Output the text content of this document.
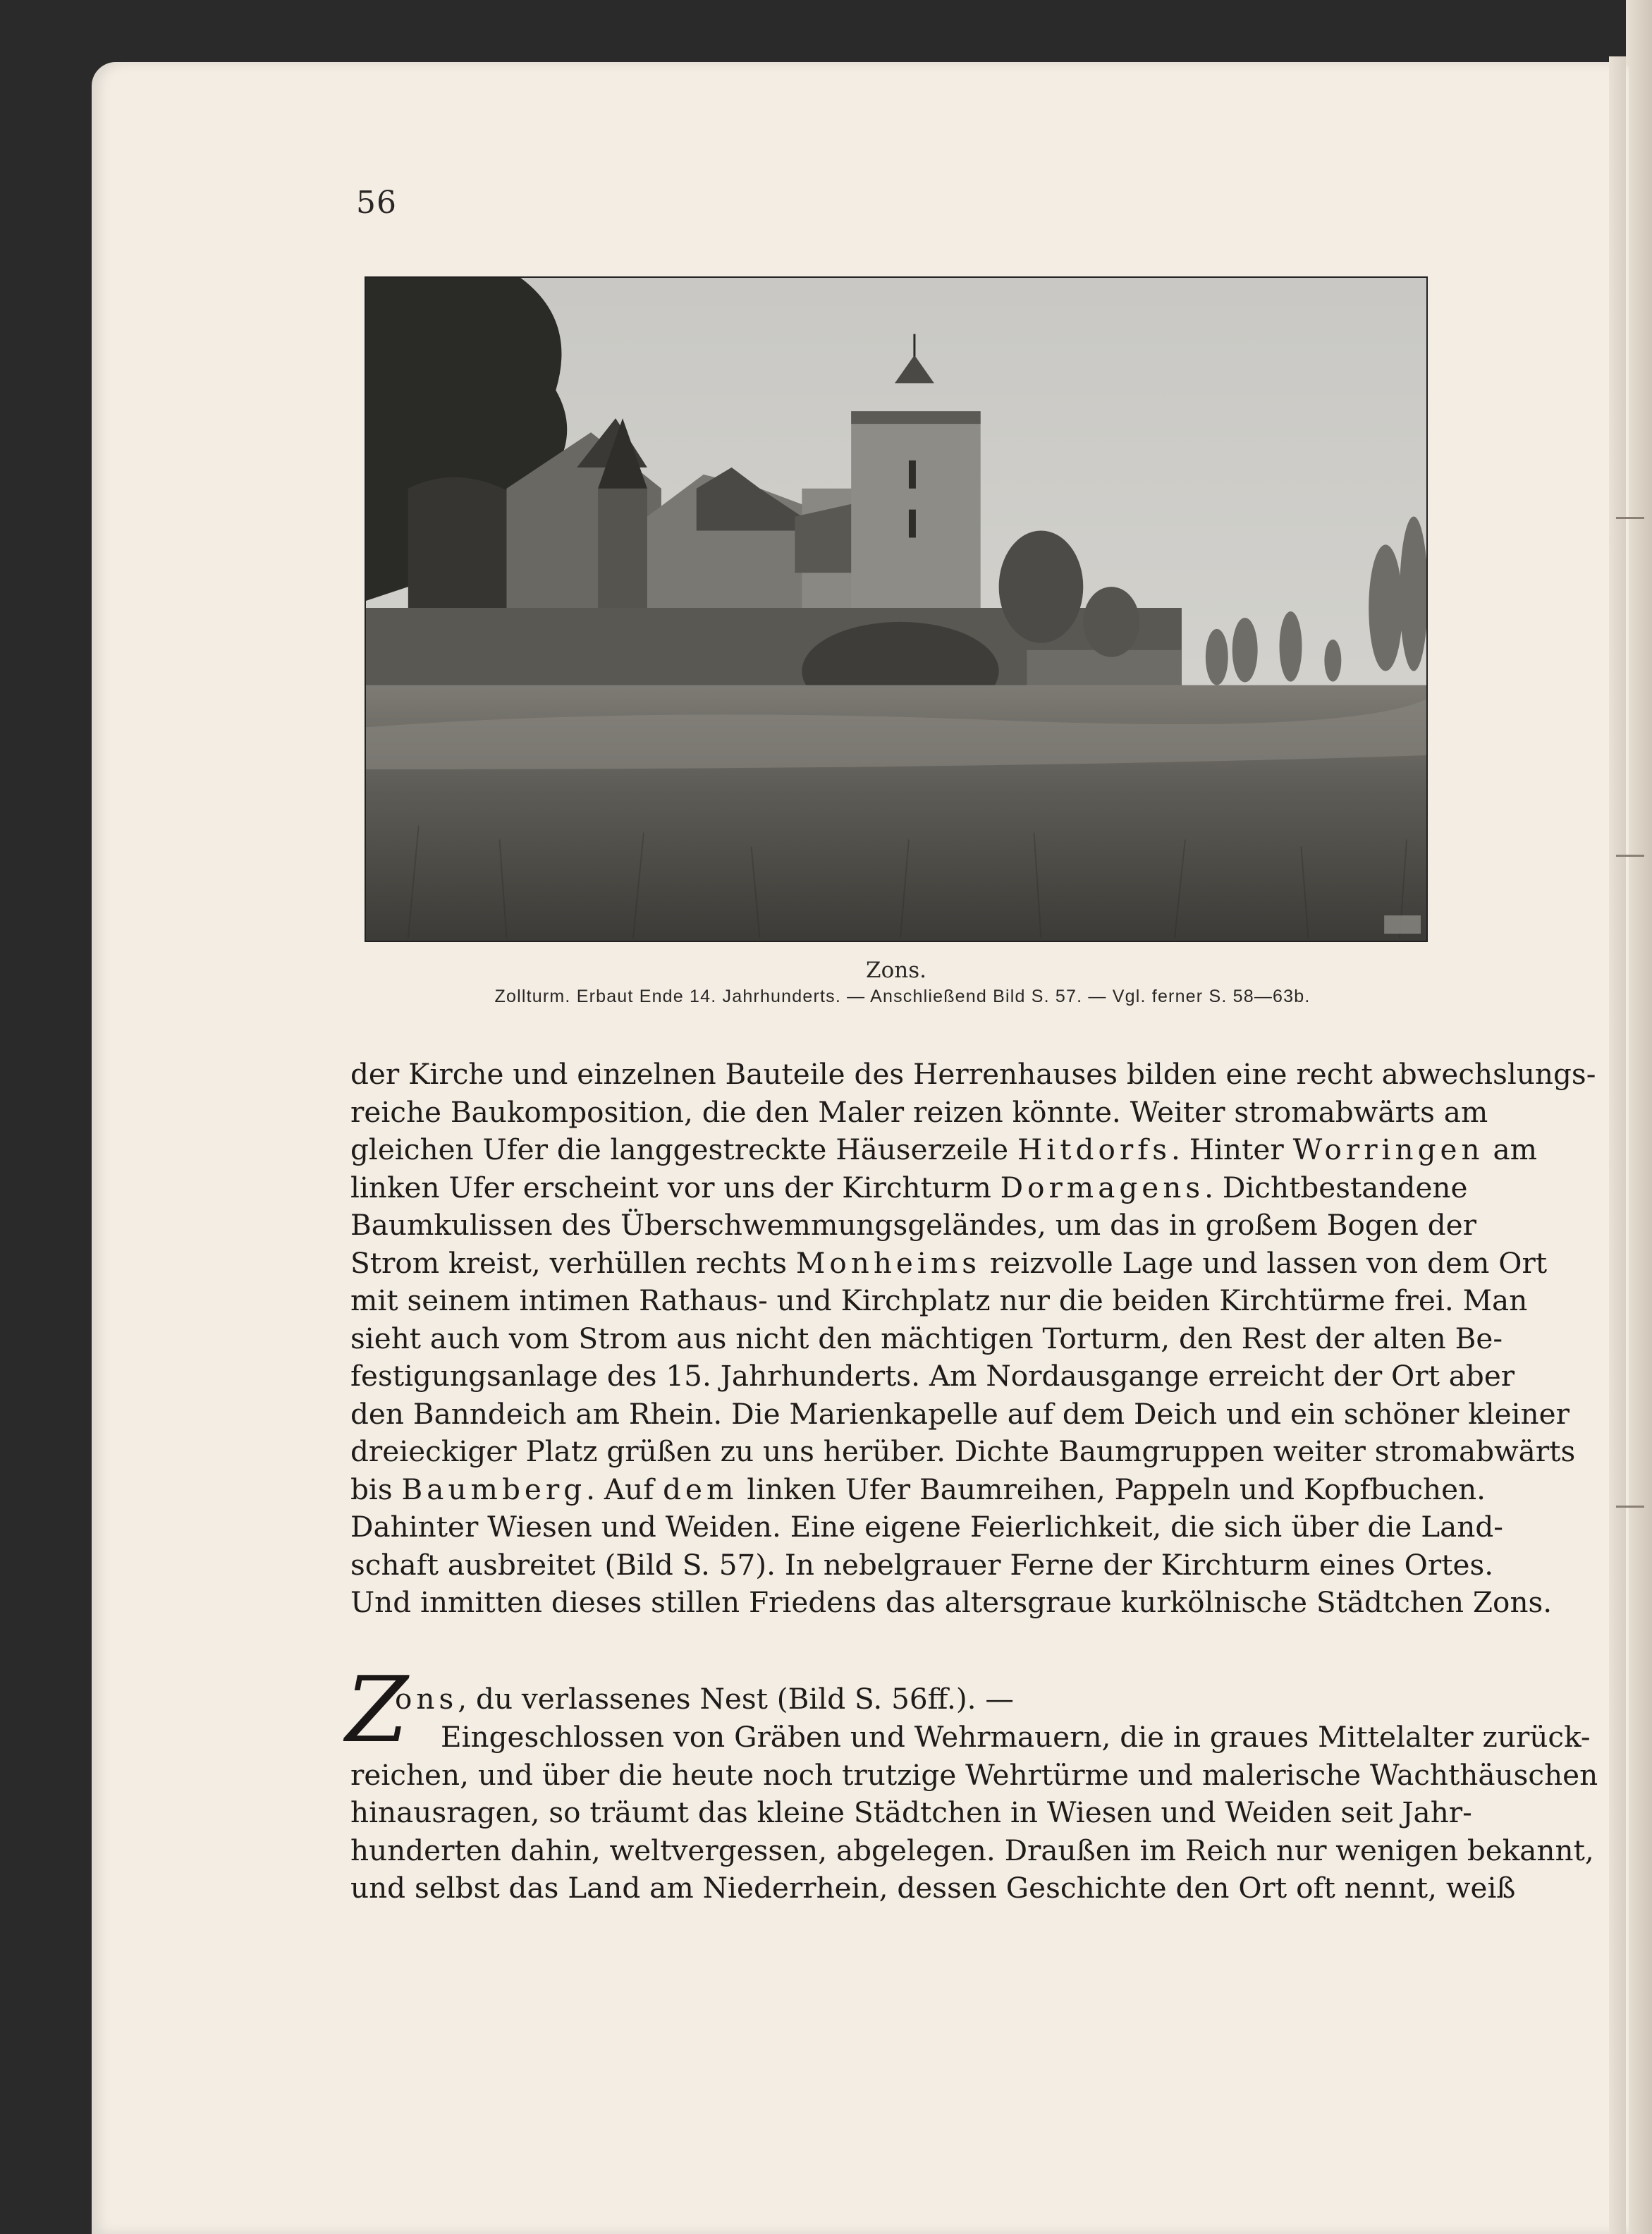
56
Zons.
Zollturm. Erbaut Ende 14. Jahrhunderts. — Anschließend Bild S. 57. — Vgl. ferner S. 58—63b.
der Kirche und einzelnen Bauteile des Herrenhauses bilden eine recht abwechslungs-
reiche Baukomposition, die den Maler reizen könnte. Weiter stromabwärts am
gleichen Ufer die langgestreckte Häuserzeile Hitdorfs. Hinter Worringen am
linken Ufer erscheint vor uns der Kirchturm Dormagens. Dichtbestandene
Baumkulissen des Überschwemmungsgeländes, um das in großem Bogen der
Strom kreist, verhüllen rechts Monheims reizvolle Lage und lassen von dem Ort
mit seinem intimen Rathaus- und Kirchplatz nur die beiden Kirchtürme frei. Man
sieht auch vom Strom aus nicht den mächtigen Torturm, den Rest der alten Be-
festigungsanlage des 15. Jahrhunderts. Am Nordausgange erreicht der Ort aber
den Banndeich am Rhein. Die Marienkapelle auf dem Deich und ein schöner kleiner
dreieckiger Platz grüßen zu uns herüber. Dichte Baumgruppen weiter stromabwärts
bis Baumberg. Auf dem linken Ufer Baumreihen, Pappeln und Kopfbuchen.
Dahinter Wiesen und Weiden. Eine eigene Feierlichkeit, die sich über die Land-
schaft ausbreitet (Bild S. 57). In nebelgrauer Ferne der Kirchturm eines Ortes.
Und inmitten dieses stillen Friedens das altersgraue kurkölnische Städtchen Zons.
Z
ons, du verlassenes Nest (Bild S. 56ff.). —
Eingeschlossen von Gräben und Wehrmauern, die in graues Mittelalter zurück-
reichen, und über die heute noch trutzige Wehrtürme und malerische Wachthäuschen
hinausragen, so träumt das kleine Städtchen in Wiesen und Weiden seit Jahr-
hunderten dahin, weltvergessen, abgelegen. Draußen im Reich nur wenigen bekannt,
und selbst das Land am Niederrhein, dessen Geschichte den Ort oft nennt, weiß
